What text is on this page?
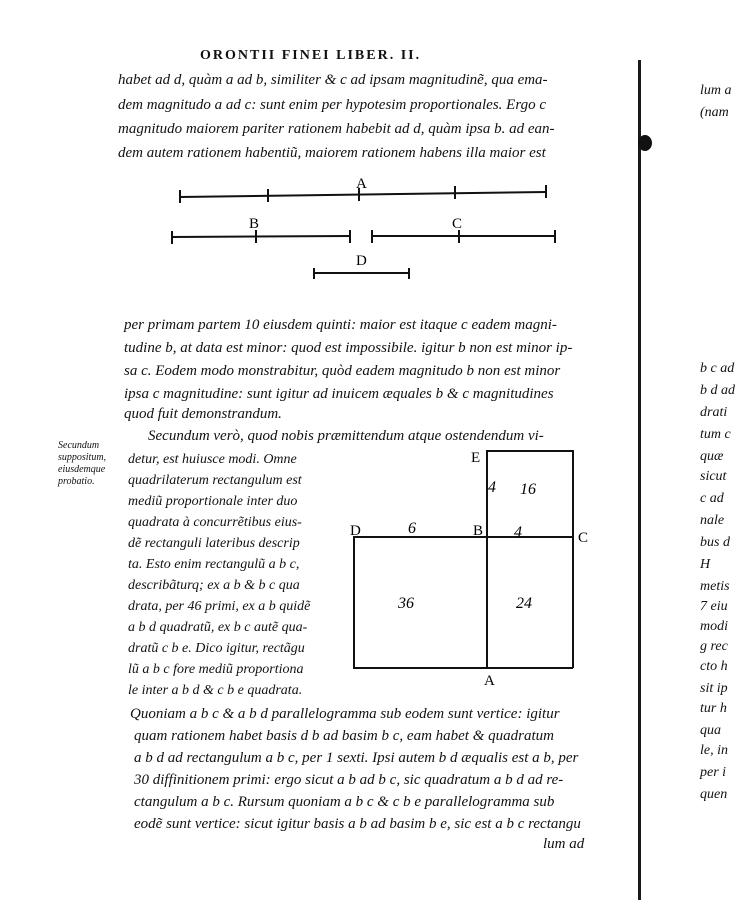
ORONTII FINEI LIBER. II.
habet ad d, quàm a ad b, similiter & c ad ipsam magnitudinẽ, qua ema-
dem magnitudo a ad c: sunt enim per hypotesim proportionales. Ergo c
magnitudo maiorem pariter rationem habebit ad d, quàm ipsa b. ad ean-
dem autem rationem habentiũ, maiorem rationem habens illa maior est
per primam partem 10 eiusdem quinti: maior est itaque c eadem magni-
tudine b, at data est minor: quod est impossibile. igitur b non est minor ip-
sa c. Eodem modo monstrabitur, quòd eadem magnitudo b non est minor
ipsa c magnitudine: sunt igitur ad inuicem æquales b & c magnitudines
quod fuit demonstrandum.
Secundum verò, quod nobis præmittendum atque ostendendum vi-
detur, est huiusce modi. Omne
quadrilaterum rectangulum est
mediũ proportionale inter duo
quadrata à concurrẽtibus eius-
dẽ rectanguli lateribus descrip
ta. Esto enim rectangulũ a b c,
describãturq; ex a b & b c qua
drata, per 46 primi, ex a b quidẽ
a b d quadratũ, ex b c autẽ qua-
dratũ c b e. Dico igitur, rectãgu
lũ a b c fore mediũ proportiona
le inter a b d & c b e quadrata.
Secundum
suppositum,
eiusdemque
probatio.
Quoniam a b c & a b d parallelogramma sub eodem sunt vertice: igitur
quam rationem habet basis d b ad basim b c, eam habet & quadratum
a b d ad rectangulum a b c, per 1 sexti. Ipsi autem b d æqualis est a b, per
30 diffinitionem primi: ergo sicut a b ad b c, sic quadratum a b d ad re-
ctangulum a b c. Rursum quoniam a b c & c b e parallelogramma sub
eodẽ sunt vertice: sicut igitur basis a b ad basim b e, sic est a b c rectangu
lum ad
A
B	C
D
E
D	B	C
A
4 16
6	4
36	24
lum a
(nam
b c ad
b d ad
drati
tum c
quæ
sicut
c ad
nale
bus d
H
metis
7 eiu
modi
g rec
cto h
sit ip
tur h
qua
le, in
per i
quen
